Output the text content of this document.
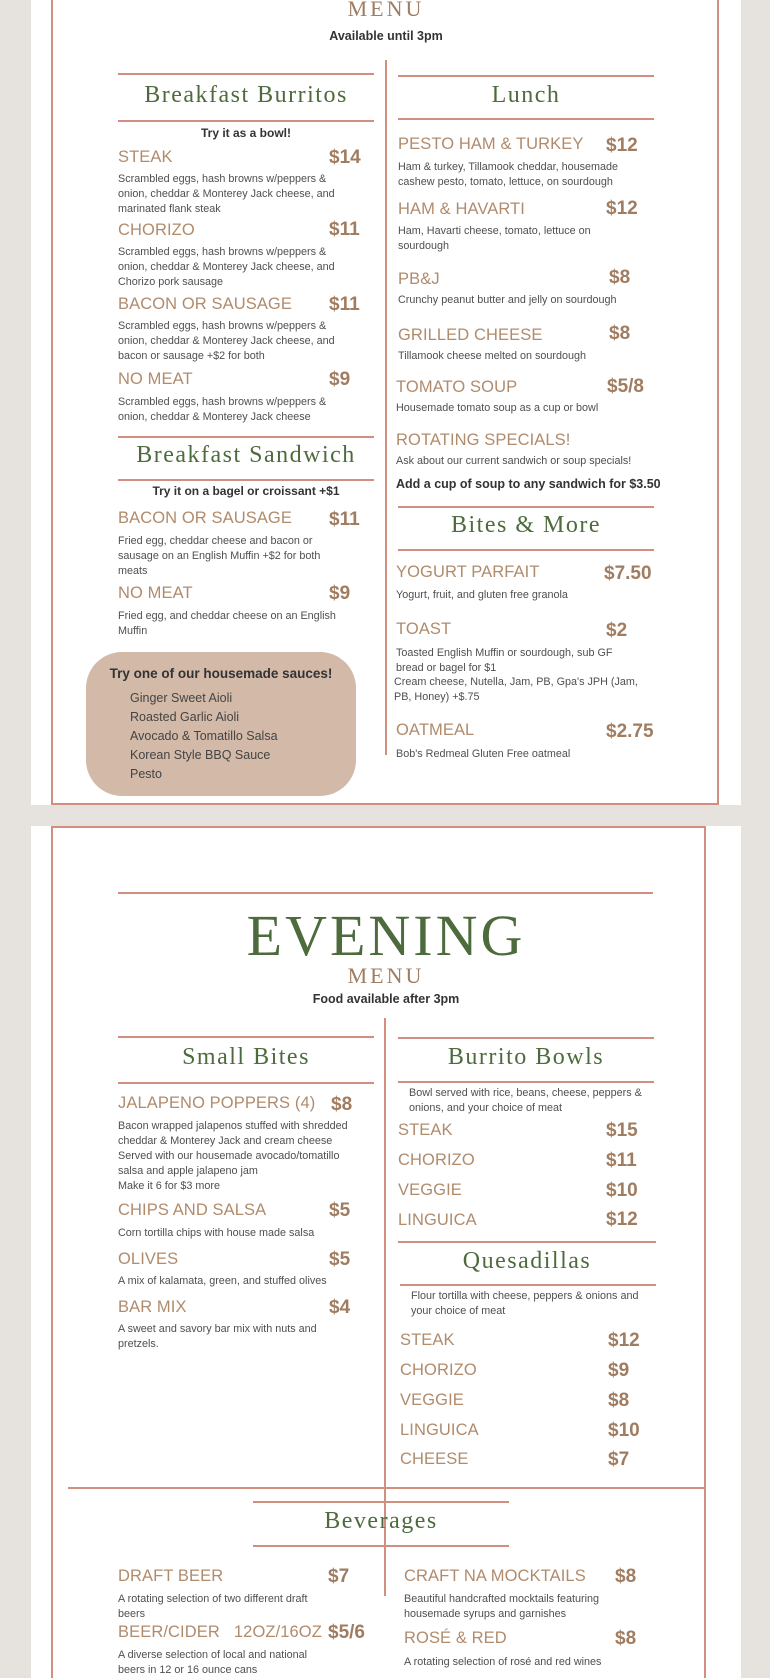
MENU
Available until 3pm
Breakfast Burritos
Try it as a bowl!
STEAK	$14
Scrambled eggs, hash browns w/peppers & onion, cheddar & Monterey Jack cheese, and marinated flank steak
CHORIZO	$11
Scrambled eggs, hash browns w/peppers & onion, cheddar & Monterey Jack cheese, and Chorizo pork sausage
BACON OR SAUSAGE $11
Scrambled eggs, hash browns w/peppers & onion, cheddar & Monterey Jack cheese, and bacon or sausage +$2 for both
NO MEAT	$9
Scrambled eggs, hash browns w/peppers & onion, cheddar & Monterey Jack cheese
Breakfast Sandwich
Try it on a bagel or croissant +$1
BACON OR SAUSAGE $11
Fried egg, cheddar cheese and bacon or sausage on an English Muffin +$2 for both meats
NO MEAT	$9
Fried egg, and cheddar cheese on an English Muffin
Try one of our housemade sauces!
Ginger Sweet Aioli
Roasted Garlic Aioli
Avocado & Tomatillo Salsa
Korean Style BBQ Sauce
Pesto
Lunch
PESTO HAM & TURKEY $12
Ham & turkey, Tillamook cheddar, housemade cashew pesto, tomato, lettuce, on sourdough
HAM & HAVARTI	$12
Ham, Havarti cheese, tomato, lettuce on sourdough
PB&J	$8
Crunchy peanut butter and jelly on sourdough
GRILLED CHEESE	$8
Tillamook cheese melted on sourdough
TOMATO SOUP	$5/8
Housemade tomato soup as a cup or bowl
ROTATING SPECIALS!
Ask about our current sandwich or soup specials!
Add a cup of soup to any sandwich for $3.50
Bites & More
YOGURT PARFAIT	$7.50
Yogurt, fruit, and gluten free granola
TOAST	$2
Toasted English Muffin or sourdough, sub GF bread or bagel for $1
Cream cheese, Nutella, Jam, PB, Gpa's JPH (Jam, PB, Honey) +$.75
OATMEAL	$2.75
Bob's Redmeal Gluten Free oatmeal
EVENING
MENU
Food available after 3pm
Small Bites
JALAPENO POPPERS (4) $8
Bacon wrapped jalapenos stuffed with shredded cheddar & Monterey Jack and cream cheese
Served with our housemade avocado/tomatillo salsa and apple jalapeno jam
Make it 6 for $3 more
CHIPS AND SALSA	$5
Corn tortilla chips with house made salsa
OLIVES	$5
A mix of kalamata, green, and stuffed olives
BAR MIX	$4
A sweet and savory bar mix with nuts and pretzels.
Burrito Bowls
Bowl served with rice, beans, cheese, peppers & onions, and your choice of meat
STEAK	$15
CHORIZO	$11
VEGGIE	$10
LINGUICA	$12
Quesadillas
Flour tortilla with cheese, peppers & onions and your choice of meat
STEAK	$12
CHORIZO	$9
VEGGIE	$8
LINGUICA	$10
CHEESE	$7
Beverages
DRAFT BEER	$7
A rotating selection of two different draft beers
BEER/CIDER   12OZ/16OZ $5/6
A diverse selection of local and national beers in 12 or 16 ounce cans
CRAFT NA MOCKTAILS $8
Beautiful handcrafted mocktails featuring housemade syrups and garnishes
ROSÉ & RED	$8
A rotating selection of rosé and red wines
